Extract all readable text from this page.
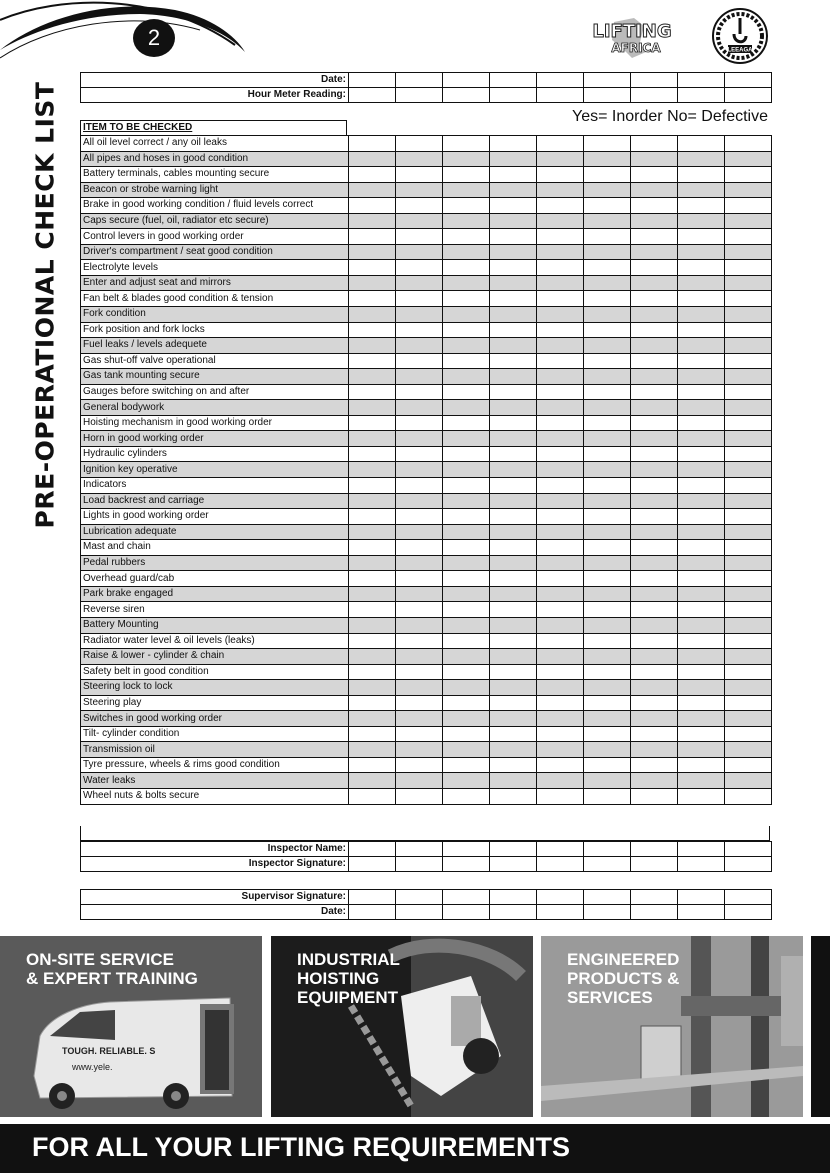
2	LIFTING
AFRICA	LEEAGA
PRE-OPERATIONAL CHECK LIST
Date:									
Hour Meter Reading:									
Yes= Inorder No= Defective
ITEM TO BE CHECKED
All oil level correct / any oil leaks									
All pipes and hoses in good condition									
Battery terminals, cables mounting secure									
Beacon or strobe warning light									
Brake in good working condition / fluid levels correct									
Caps secure (fuel, oil, radiator etc secure)									
Control levers in good working order									
Driver's compartment / seat good condition									
Electrolyte levels									
Enter and adjust seat and mirrors									
Fan belt & blades good condition & tension									
Fork condition									
Fork position and fork locks									
Fuel leaks / levels adequete									
Gas shut-off valve operational									
Gas tank mounting secure									
Gauges before switching on and after									
General bodywork									
Hoisting mechanism in good working order									
Horn in good working order									
Hydraulic cylinders									
Ignition key operative									
Indicators									
Load backrest and carriage									
Lights in good working order									
Lubrication adequate									
Mast and chain									
Pedal rubbers									
Overhead guard/cab									
Park brake engaged									
Reverse siren									
Battery Mounting									
Radiator water level & oil levels (leaks)									
Raise & lower - cylinder & chain									
Safety belt in good condition									
Steering lock to lock									
Steering play									
Switches in good working order									
Tilt- cylinder condition									
Transmission oil									
Tyre pressure, wheels & rims good condition									
Water leaks									
Wheel nuts & bolts secure									
Inspector Name:									
Inspector Signature:									
Supervisor Signature:									
Date:									
TOUGH. RELIABLE. S
www.yele.
ON-SITE SERVICE
& EXPERT TRAINING
INDUSTRIAL
HOISTING
EQUIPMENT
ENGINEERED
PRODUCTS &
SERVICES
FOR ALL YOUR LIFTING REQUIREMENTS
